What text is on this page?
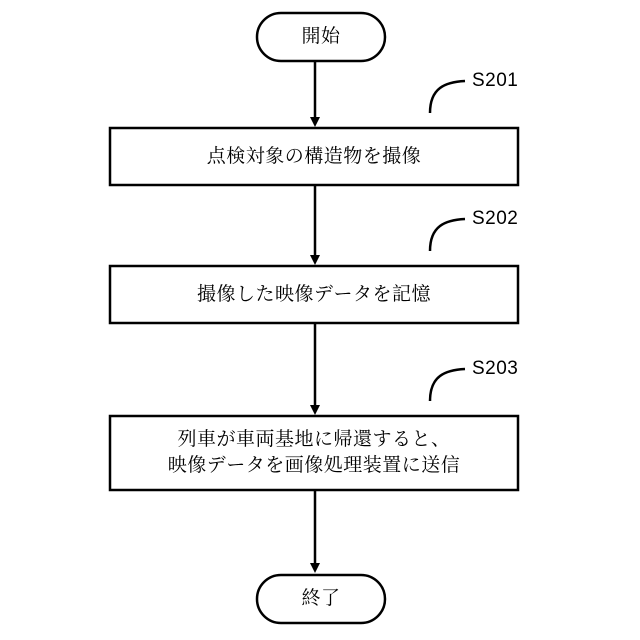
開始
点検対象の構造物を撮像
撮像した映像データを記憶
列車が車両基地に帰還すると、
映像データを画像処理装置に送信
終了
S201
S202
S203
